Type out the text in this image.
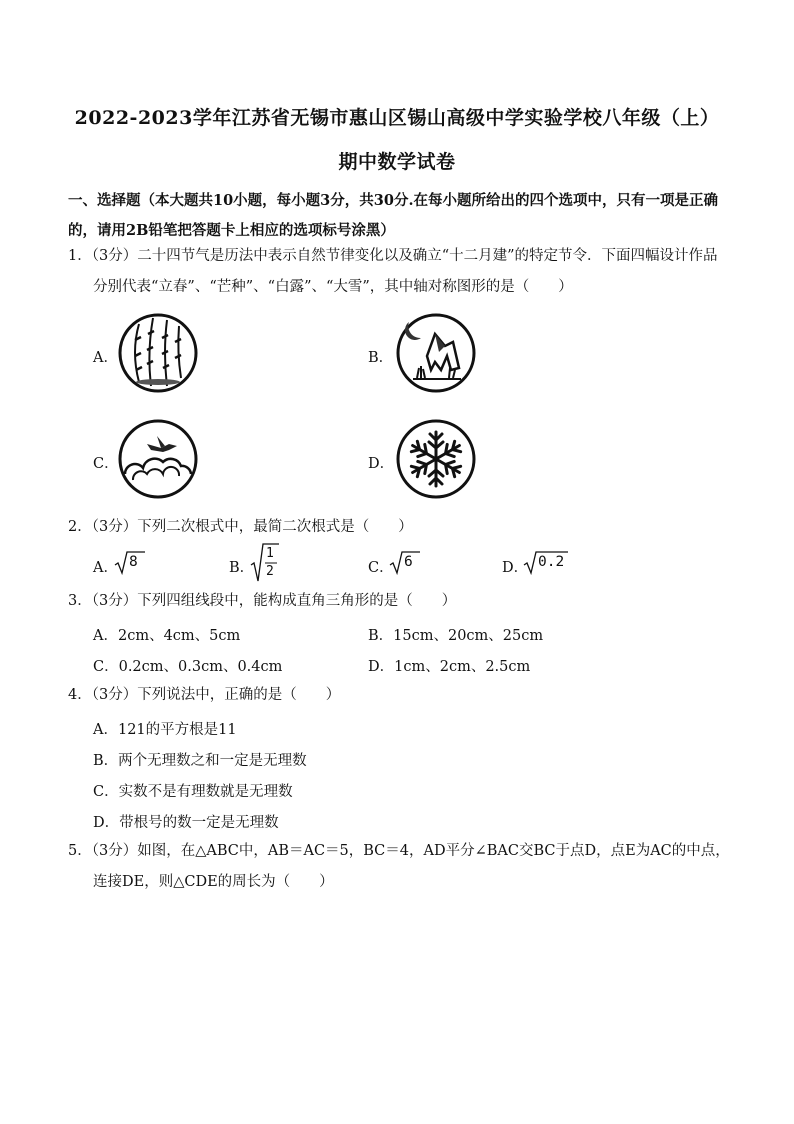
2022-2023学年江苏省无锡市惠山区锡山高级中学实验学校八年级（上）
期中数学试卷
一、选择题（本大题共10小题，每小题3分，共30分.在每小题所给出的四个选项中，只有一项是正确的，请用2B铅笔把答题卡上相应的选项标号涂黑）
1．（3分）二十四节气是历法中表示自然节律变化以及确立“十二月建”的特定节令．下面四幅设计作品
分别代表“立春”、“芒种”、“白露”、“大雪”，其中轴对称图形的是（　　）
A．	B．
C．	D．
2．（3分）下列二次根式中，最简二次根式是（　　）
A． 8	B．
1
2	C． 6	D． 0.2
3．（3分）下列四组线段中，能构成直角三角形的是（　　）
A．2cm、4cm、5cm	B．15cm、20cm、25cm
C．0.2cm、0.3cm、0.4cm	D．1cm、2cm、2.5cm
4．（3分）下列说法中，正确的是（　　）
A．121的平方根是11
B．两个无理数之和一定是无理数
C．实数不是有理数就是无理数
D．带根号的数一定是无理数
5．（3分）如图，在△ABC中，AB＝AC＝5，BC＝4，AD平分∠BAC交BC于点D，点E为AC的中点，
连接DE，则△CDE的周长为（　　）
